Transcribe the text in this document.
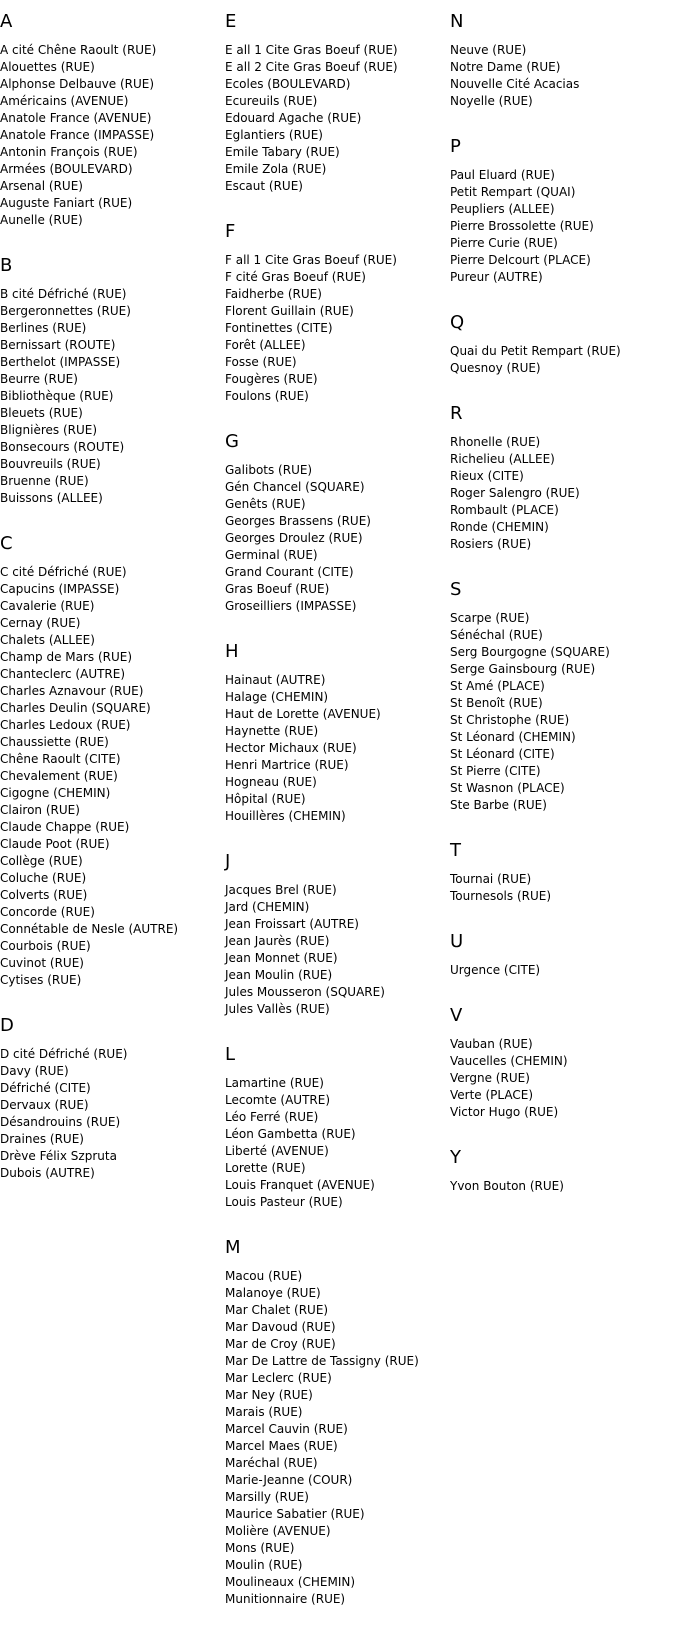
A
A cité Chêne Raoult (RUE)
Alouettes (RUE)
Alphonse Delbauve (RUE)
Américains (AVENUE)
Anatole France (AVENUE)
Anatole France (IMPASSE)
Antonin François (RUE)
Armées (BOULEVARD)
Arsenal (RUE)
Auguste Faniart (RUE)
Aunelle (RUE)
B
B cité Défriché (RUE)
Bergeronnettes (RUE)
Berlines (RUE)
Bernissart (ROUTE)
Berthelot (IMPASSE)
Beurre (RUE)
Bibliothèque (RUE)
Bleuets (RUE)
Blignières (RUE)
Bonsecours (ROUTE)
Bouvreuils (RUE)
Bruenne (RUE)
Buissons (ALLEE)
C
C cité Défriché (RUE)
Capucins (IMPASSE)
Cavalerie (RUE)
Cernay (RUE)
Chalets (ALLEE)
Champ de Mars (RUE)
Chanteclerc (AUTRE)
Charles Aznavour (RUE)
Charles Deulin (SQUARE)
Charles Ledoux (RUE)
Chaussiette (RUE)
Chêne Raoult (CITE)
Chevalement (RUE)
Cigogne (CHEMIN)
Clairon (RUE)
Claude Chappe (RUE)
Claude Poot (RUE)
Collège (RUE)
Coluche (RUE)
Colverts (RUE)
Concorde (RUE)
Connétable de Nesle (AUTRE)
Courbois (RUE)
Cuvinot (RUE)
Cytises (RUE)
D
D cité Défriché (RUE)
Davy (RUE)
Défriché (CITE)
Dervaux (RUE)
Désandrouins (RUE)
Draines (RUE)
Drève Félix Szpruta
Dubois (AUTRE)
E
E all 1 Cite Gras Boeuf (RUE)
E all 2 Cite Gras Boeuf (RUE)
Ecoles (BOULEVARD)
Ecureuils (RUE)
Edouard Agache (RUE)
Eglantiers (RUE)
Emile Tabary (RUE)
Emile Zola (RUE)
Escaut (RUE)
F
F all 1 Cite Gras Boeuf (RUE)
F cité Gras Boeuf (RUE)
Faidherbe (RUE)
Florent Guillain (RUE)
Fontinettes (CITE)
Forêt (ALLEE)
Fosse (RUE)
Fougères (RUE)
Foulons (RUE)
G
Galibots (RUE)
Gén Chancel (SQUARE)
Genêts (RUE)
Georges Brassens (RUE)
Georges Droulez (RUE)
Germinal (RUE)
Grand Courant (CITE)
Gras Boeuf (RUE)
Groseilliers (IMPASSE)
H
Hainaut (AUTRE)
Halage (CHEMIN)
Haut de Lorette (AVENUE)
Haynette (RUE)
Hector Michaux (RUE)
Henri Martrice (RUE)
Hogneau (RUE)
Hôpital (RUE)
Houillères (CHEMIN)
J
Jacques Brel (RUE)
Jard (CHEMIN)
Jean Froissart (AUTRE)
Jean Jaurès (RUE)
Jean Monnet (RUE)
Jean Moulin (RUE)
Jules Mousseron (SQUARE)
Jules Vallès (RUE)
L
Lamartine (RUE)
Lecomte (AUTRE)
Léo Ferré (RUE)
Léon Gambetta (RUE)
Liberté (AVENUE)
Lorette (RUE)
Louis Franquet (AVENUE)
Louis Pasteur (RUE)
M
Macou (RUE)
Malanoye (RUE)
Mar Chalet (RUE)
Mar Davoud (RUE)
Mar de Croy (RUE)
Mar De Lattre de Tassigny (RUE)
Mar Leclerc (RUE)
Mar Ney (RUE)
Marais (RUE)
Marcel Cauvin (RUE)
Marcel Maes (RUE)
Maréchal (RUE)
Marie-Jeanne (COUR)
Marsilly (RUE)
Maurice Sabatier (RUE)
Molière (AVENUE)
Mons (RUE)
Moulin (RUE)
Moulineaux (CHEMIN)
Munitionnaire (RUE)
N
Neuve (RUE)
Notre Dame (RUE)
Nouvelle Cité Acacias
Noyelle (RUE)
P
Paul Eluard (RUE)
Petit Rempart (QUAI)
Peupliers (ALLEE)
Pierre Brossolette (RUE)
Pierre Curie (RUE)
Pierre Delcourt (PLACE)
Pureur (AUTRE)
Q
Quai du Petit Rempart (RUE)
Quesnoy (RUE)
R
Rhonelle (RUE)
Richelieu (ALLEE)
Rieux (CITE)
Roger Salengro (RUE)
Rombault (PLACE)
Ronde (CHEMIN)
Rosiers (RUE)
S
Scarpe (RUE)
Sénéchal (RUE)
Serg Bourgogne (SQUARE)
Serge Gainsbourg (RUE)
St Amé (PLACE)
St Benoît (RUE)
St Christophe (RUE)
St Léonard (CHEMIN)
St Léonard (CITE)
St Pierre (CITE)
St Wasnon (PLACE)
Ste Barbe (RUE)
T
Tournai (RUE)
Tournesols (RUE)
U
Urgence (CITE)
V
Vauban (RUE)
Vaucelles (CHEMIN)
Vergne (RUE)
Verte (PLACE)
Victor Hugo (RUE)
Y
Yvon Bouton (RUE)
